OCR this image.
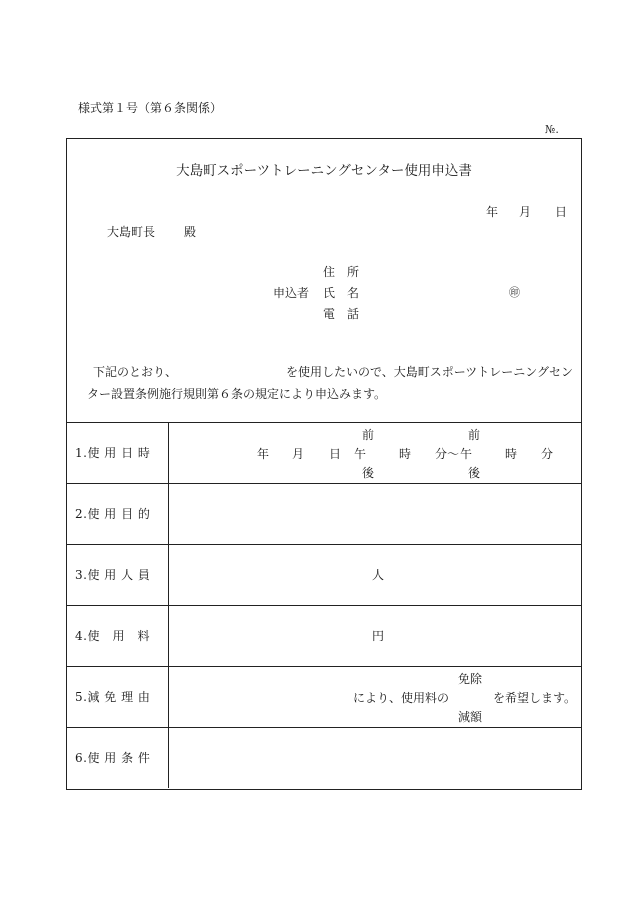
様式第１号（第６条関係）
№.
大島町スポーツトレーニングセンター使用申込書
年 月 日
大島町長 殿
住　所
申込者 氏　名	㊞
電　話
下記のとおり、	を使用したいので、大島町スポーツトレーニングセン
ター設置条例施行規則第６条の規定により申込みます。
1.使 用 日 時
前	前
年 月 日 午	時 分～ 午	時 分
後	後
2.使 用 目 的
3.使 用 人 員	人
4.使　用　料	円
5.減 免 理 由
免除
により、使用料の	を希望します。
減額
6.使 用 条 件
